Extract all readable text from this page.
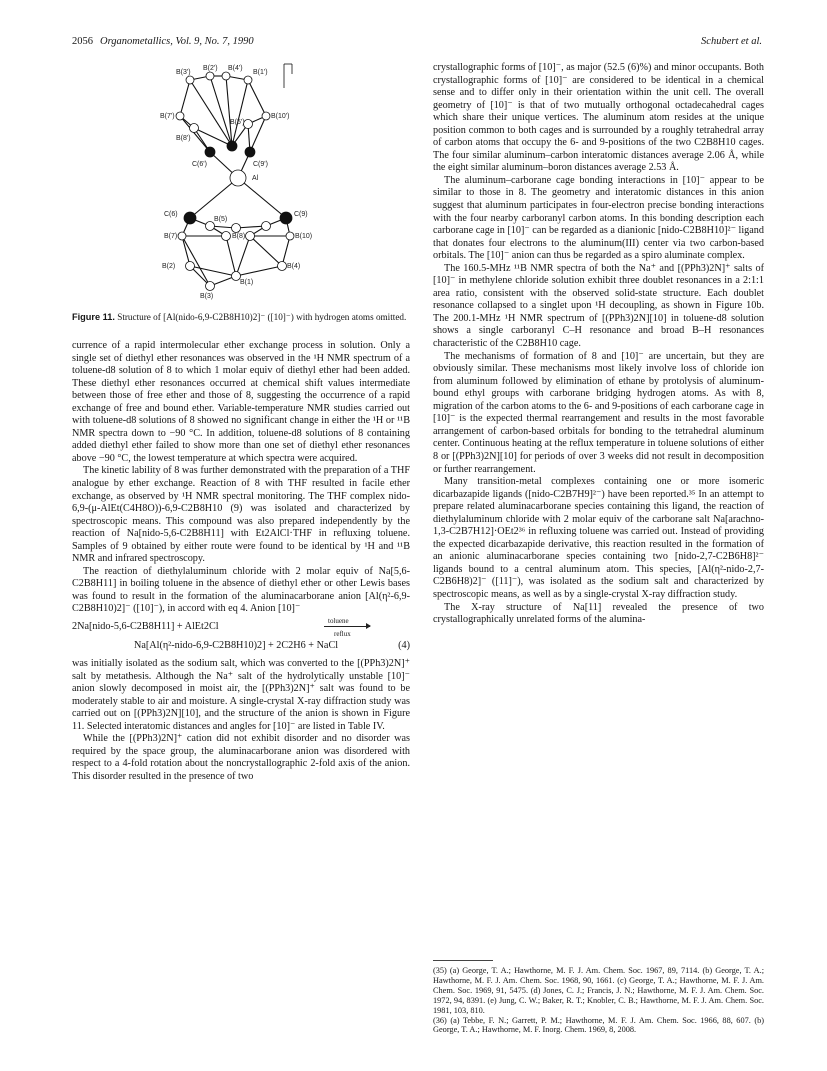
2056 Organometallics, Vol. 9, No. 7, 1990	Schubert et al.
B(3')
B(2') B(4')
B(1')
B(7')
B(8')
B(5')
B(10')
C(6')	C(9')
Al
C(6)	C(9)
B(5)
B(7)	B(8)	B(10)
B(2)	B(4)
B(1)
B(3)
Figure 11. Structure of [Al(nido-6,9-C2B8H10)2]⁻ ([10]⁻) with hydrogen atoms omitted.

currence of a rapid intermolecular ether exchange process in solution. Only a single set of diethyl ether resonances was observed in the ¹H NMR spectrum of a toluene-d8 solution of 8 to which 1 molar equiv of diethyl ether had been added. These diethyl ether resonances occurred at chemical shift values intermediate between those of free ether and those of 8, suggesting the occurrence of a rapid exchange of free and bound ether. Variable-temperature NMR studies carried out with toluene-d8 solutions of 8 showed no significant change in either the ¹H or ¹¹B NMR spectra down to −90 °C. In addition, toluene-d8 solutions of 8 containing added diethyl ether failed to show more than one set of diethyl ether resonances above −90 °C, the lowest temperature at which spectra were acquired.

The kinetic lability of 8 was further demonstrated with the preparation of a THF analogue by ether exchange. Reaction of 8 with THF resulted in facile ether exchange, as observed by ¹H NMR spectral monitoring. The THF complex nido-6,9-(μ-AlEt(C4H8O))-6,9-C2B8H10 (9) was isolated and characterized by spectroscopic means. This compound was also prepared independently by the reaction of Na[nido-5,6-C2B8H11] with Et2AlCl·THF in refluxing toluene. Samples of 9 obtained by either route were found to be identical by ¹H and ¹¹B NMR and infrared spectroscopy.

The reaction of diethylaluminum chloride with 2 molar equiv of Na[5,6-C2B8H11] in boiling toluene in the absence of diethyl ether or other Lewis bases was found to result in the formation of the aluminacarborane anion [Al(η²-6,9-C2B8H10)2]⁻ ([10]⁻), in accord with eq 4. Anion [10]⁻

2Na[nido-5,6-C2B8H11] + AlEt2Cl	toluene
reflux
Na[Al(η²-nido-6,9-C2B8H10)2] + 2C2H6 + NaCl	(4)

was initially isolated as the sodium salt, which was converted to the [(PPh3)2N]⁺ salt by metathesis. Although the Na⁺ salt of the hydrolytically unstable [10]⁻ anion slowly decomposed in moist air, the [(PPh3)2N]⁺ salt was found to be moderately stable to air and moisture. A single-crystal X-ray diffraction study was carried out on [(PPh3)2N][10], and the structure of the anion is shown in Figure 11. Selected interatomic distances and angles for [10]⁻ are listed in Table IV.

While the [(PPh3)2N]⁺ cation did not exhibit disorder and no disorder was required by the space group, the aluminacarborane anion was disordered with respect to a 4-fold rotation about the noncrystallographic 2-fold axis of the anion. This disorder resulted in the presence of two

crystallographic forms of [10]⁻, as major (52.5 (6)%) and minor occupants. Both crystallographic forms of [10]⁻ are considered to be identical in a chemical sense and to differ only in their orientation within the unit cell. The overall geometry of [10]⁻ is that of two mutually orthogonal octadecahedral cages which share their unique vertices. The aluminum atom resides at the unique position common to both cages and is surrounded by a roughly tetrahedral array of carbon atoms that occupy the 6- and 9-positions of the two C2B8H10 cages. The four similar aluminum–carbon interatomic distances average 2.06 Å, while the eight similar aluminum–boron distances average 2.53 Å.

The aluminum–carborane cage bonding interactions in [10]⁻ appear to be similar to those in 8. The geometry and interatomic distances in this anion suggest that aluminum participates in four-electron precise bonding interactions with the four nearby carboranyl carbon atoms. In this bonding description each carborane cage in [10]⁻ can be regarded as a dianionic [nido-C2B8H10]²⁻ ligand that donates four electrons to the aluminum(III) center via two carbon-based orbitals. The [10]⁻ anion can thus be regarded as a spiro aluminate complex.

The 160.5-MHz ¹¹B NMR spectra of both the Na⁺ and [(PPh3)2N]⁺ salts of [10]⁻ in methylene chloride solution exhibit three doublet resonances in a 2:1:1 area ratio, consistent with the observed solid-state structure. Each doublet resonance collapsed to a singlet upon ¹H decoupling, as shown in Figure 10b. The 200.1-MHz ¹H NMR spectrum of [(PPh3)2N][10] in toluene-d8 solution shows a single carboranyl C–H resonance and broad B–H resonances characteristic of the C2B8H10 cage.

The mechanisms of formation of 8 and [10]⁻ are uncertain, but they are obviously similar. These mechanisms most likely involve loss of chloride ion from aluminum followed by elimination of ethane by protolysis of aluminum-bound ethyl groups with carborane bridging hydrogen atoms. As with 8, migration of the carbon atoms to the 6- and 9-positions of each carborane cage in [10]⁻ is the expected thermal rearrangement and results in the most favorable arrangement of carbon-based orbitals for bonding to the tetrahedral aluminum center. Continuous heating at the reflux temperature in toluene solutions of either 8 or [(PPh3)2N][10] for periods of over 3 weeks did not result in decomposition or further rearrangement.

Many transition-metal complexes containing one or more isomeric dicarbazapide ligands ([nido-C2B7H9]²⁻) have been reported.³⁵ In an attempt to prepare related aluminacarborane species containing this ligand, the reaction of diethylaluminum chloride with 2 molar equiv of the carborane salt Na[arachno-1,3-C2B7H12]·OEt2³⁶ in refluxing toluene was carried out. Instead of providing the expected dicarbazapide derivative, this reaction resulted in the formation of an anionic aluminacarborane species containing two [nido-2,7-C2B6H8]²⁻ ligands bound to a central aluminum atom. This species, [Al(η²-nido-2,7-C2B6H8)2]⁻ ([11]⁻), was isolated as the sodium salt and characterized by spectroscopic means, as well as by a single-crystal X-ray diffraction study.

The X-ray structure of Na[11] revealed the presence of two crystallographically unrelated forms of the alumina-

(35) (a) George, T. A.; Hawthorne, M. F. J. Am. Chem. Soc. 1967, 89, 7114. (b) George, T. A.; Hawthorne, M. F. J. Am. Chem. Soc. 1968, 90, 1661. (c) George, T. A.; Hawthorne, M. F. J. Am. Chem. Soc. 1969, 91, 5475. (d) Jones, C. J.; Francis, J. N.; Hawthorne, M. F. J. Am. Chem. Soc. 1972, 94, 8391. (e) Jung, C. W.; Baker, R. T.; Knobler, C. B.; Hawthorne, M. F. J. Am. Chem. Soc. 1981, 103, 810.

(36) (a) Tebbe, F. N.; Garrett, P. M.; Hawthorne, M. F. J. Am. Chem. Soc. 1966, 88, 607. (b) George, T. A.; Hawthorne, M. F. Inorg. Chem. 1969, 8, 2008.
